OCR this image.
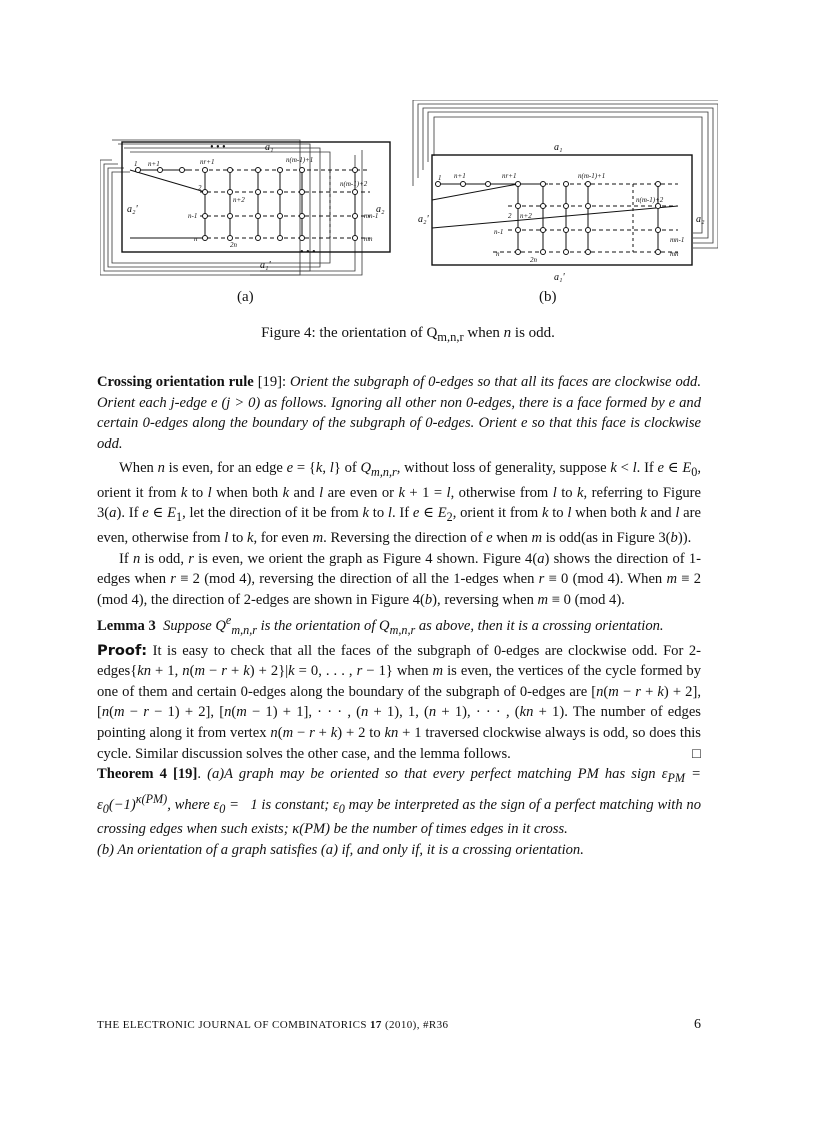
• • •	a₁
a₁'
a₂'	a₂
• • •
1 n+1	nr+1	n(m-1)+1
2
n+2
n(m-1)+2
n-1	mn-1
n
2n
mn
a₁
a₁'
a₂'	a₂
1 n+1	nr+1	n(m-1)+1
2 n+2
n(m-1)+2
n-1
mn-1
n
2n
mn
(a)	(b)
Figure 4: the orientation of $Q_{m,n,r}$ when n is odd.

Crossing orientation rule [19]: Orient the subgraph of 0-edges so that all its faces are clockwise odd. Orient each j-edge e (j > 0) as follows. Ignoring all other non 0-edges, there is a face formed by e and certain 0-edges along the boundary of the subgraph of 0-edges. Orient e so that this face is clockwise odd.

When n is even, for an edge e = {k, l} of $Q_{m,n,r}$, without loss of generality, suppose k < l. If e ∈ $E_0$, orient it from k to l when both k and l are even or k + 1 = l, otherwise from l to k, referring to Figure 3(a). If e ∈ $E_1$, let the direction of it be from k to l. If e ∈ $E_2$, orient it from k to l when both k and l are even, otherwise from l to k, for even m. Reversing the direction of e when m is odd(as in Figure 3(b)).

If n is odd, r is even, we orient the graph as Figure 4 shown. Figure 4(a) shows the direction of 1-edges when r ≡ 2 (mod 4), reversing the direction of all the 1-edges when r ≡ 0 (mod 4). When m ≡ 2 (mod 4), the direction of 2-edges are shown in Figure 4(b), reversing when m ≡ 0 (mod 4).

Lemma 3 Suppose $Q^e_{m,n,r}$ is the orientation of $Q_{m,n,r}$ as above, then it is a crossing orientation.

Proof: It is easy to check that all the faces of the subgraph of 0-edges are clockwise odd. For 2-edges{kn + 1, n(m − r + k) + 2}|k = 0, . . . , r − 1} when m is even, the vertices of the cycle formed by one of them and certain 0-edges along the boundary of the subgraph of 0-edges are [n(m − r + k) + 2], [n(m − r − 1) + 2], [n(m − 1) + 1], · · · , (n + 1), 1, (n + 1), · · · , (kn + 1). The number of edges pointing along it from vertex n(m − r + k) + 2 to kn + 1 traversed clockwise always is odd, so does this cycle. Similar discussion solves the other case, and the lemma follows.	□

Theorem 4 [19]. (a)A graph may be oriented so that every perfect matching PM has sign $\varepsilon_{PM} = \varepsilon_0(-1)^{\kappa(PM)}$, where $\varepsilon_0 = 1$ is constant; $\varepsilon_0$ may be interpreted as the sign of a perfect matching with no crossing edges when such exists; κ(PM) be the number of times edges in it cross.

(b) An orientation of a graph satisfies (a) if, and only if, it is a crossing orientation.

THE ELECTRONIC JOURNAL OF COMBINATORICS 17 (2010), #R36	6
